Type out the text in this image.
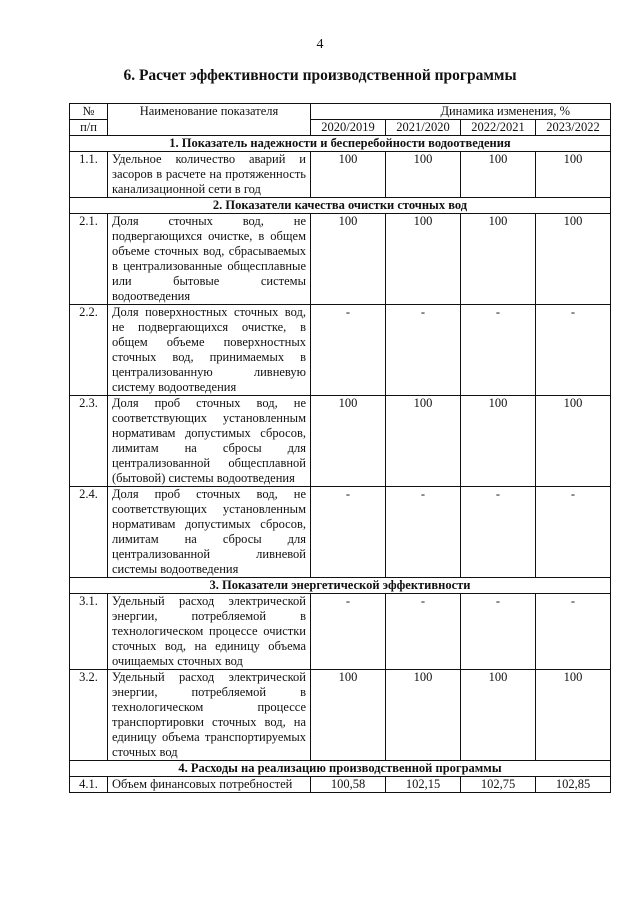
4
6. Расчет эффективности производственной программы
№	Наименование показателя	Динамика изменения, %			
п/п		2020/2019	2021/2020	2022/2021	2023/2022
1. Показатель надежности и бесперебойности водоотведения					
1.1.	Удельное количество аварий и засоров в расчете на протяженность канализационной сети в год	100	100	100	100
2. Показатели качества очистки сточных вод					
2.1.	Доля сточных вод, не подвергающихся очистке, в общем объеме сточных вод, сбрасываемых в централизованные общесплавные или бытовые системы водоотведения	100	100	100	100
2.2.	Доля поверхностных сточных вод, не подвергающихся очистке, в общем объеме поверхностных сточных вод, принимаемых в централизованную ливневую систему водоотведения	-	-	-	-
2.3.	Доля проб сточных вод, не соответствующих установленным нормативам допустимых сбросов, лимитам на сбросы для централизованной общесплавной (бытовой) системы водоотведения	100	100	100	100
2.4.	Доля проб сточных вод, не соответствующих установленным нормативам допустимых сбросов, лимитам на сбросы для централизованной ливневой системы водоотведения	-	-	-	-
3. Показатели энергетической эффективности					
3.1.	Удельный расход электрической энергии, потребляемой в технологическом процессе очистки сточных вод, на единицу объема очищаемых сточных вод	-	-	-	-
3.2.	Удельный расход электрической энергии, потребляемой в технологическом процессе транспортировки сточных вод, на единицу объема транспортируемых сточных вод	100	100	100	100
4. Расходы на реализацию производственной программы					
4.1.	Объем финансовых потребностей	100,58	102,15	102,75	102,85
